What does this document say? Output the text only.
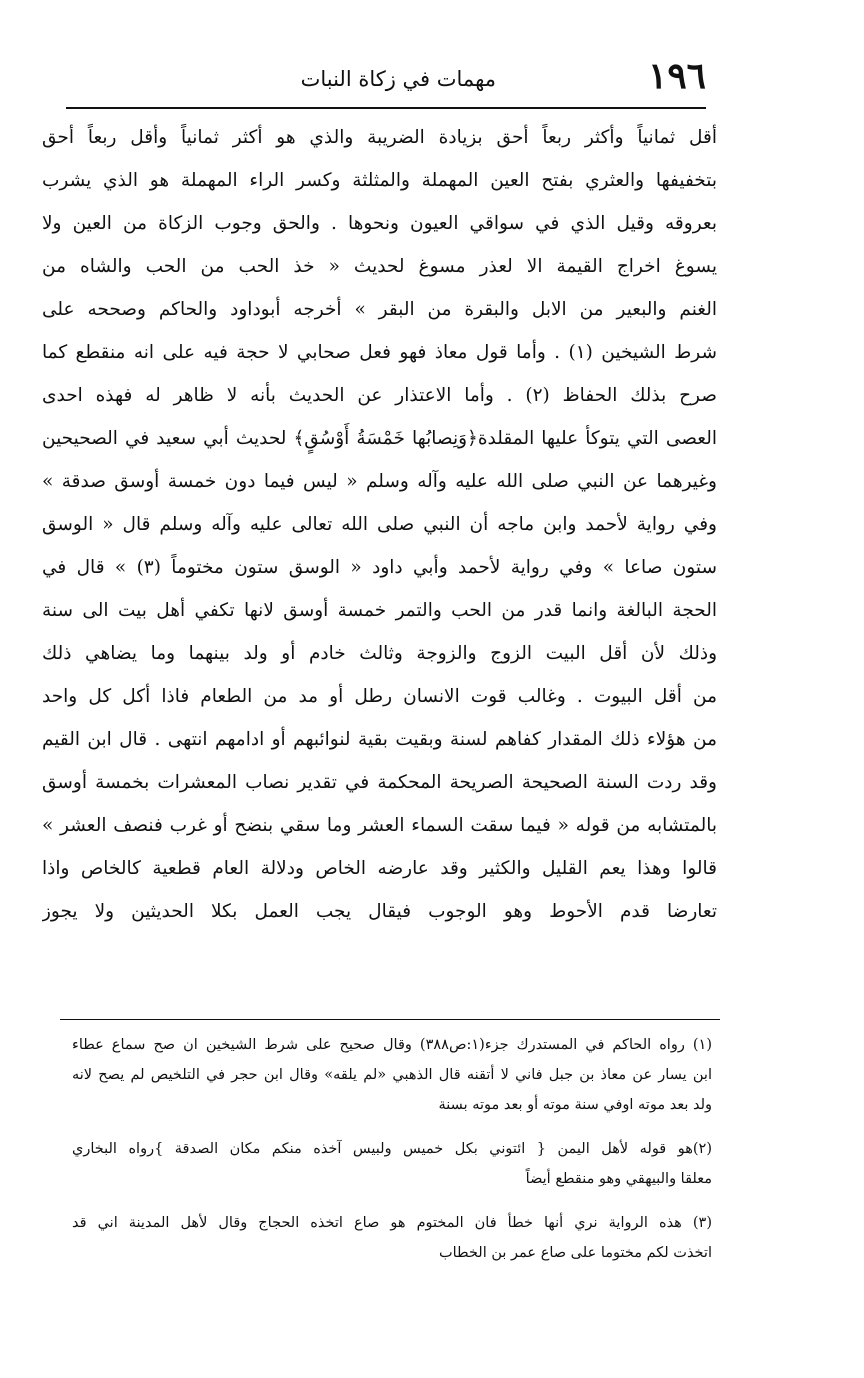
١٩٦
مهمات في زكاة النبات
أقل ثمانياً وأكثر ربعاً أحق بزيادة الضريبة والذي هو أكثر ثمانياً وأقل ربعاً أحق
بتخفيفها والعثري بفتح العين المهملة والمثلثة وكسر الراء المهملة هو الذي يشرب
بعروقه وقيل الذي في سواقي العيون ونحوها . والحق وجوب الزكاة من العين ولا
يسوغ اخراج القيمة الا لعذر مسوغ لحديث « خذ الحب من الحب والشاه من
الغنم والبعير من الابل والبقرة من البقر » أخرجه أبوداود والحاكم وصححه على
شرط الشيخين (١) . وأما قول معاذ فهو فعل صحابي لا حجة فيه على انه منقطع كما
صرح بذلك الحفاظ (٢) . وأما الاعتذار عن الحديث بأنه لا ظاهر له فهذه احدى
العصى التي يتوكأ عليها المقلدة﴿وَنِصابُها خَمْسَةُ أَوْسُقٍ﴾ لحديث أبي سعيد في الصحيحين
وغيرهما عن النبي صلى الله عليه وآله وسلم « ليس فيما دون خمسة أوسق صدقة »
وفي رواية لأحمد وابن ماجه أن النبي صلى الله تعالى عليه وآله وسلم قال « الوسق
ستون صاعا » وفي رواية لأحمد وأبي داود « الوسق ستون مختوماً (٣) » قال في
الحجة البالغة وانما قدر من الحب والتمر خمسة أوسق لانها تكفي أهل بيت الى سنة
وذلك لأن أقل البيت الزوج والزوجة وثالث خادم أو ولد بينهما وما يضاهي ذلك
من أقل البيوت . وغالب قوت الانسان رطل أو مد من الطعام فاذا أكل كل واحد
من هؤلاء ذلك المقدار كفاهم لسنة وبقيت بقية لنوائبهم أو ادامهم انتهى . قال ابن القيم
وقد ردت السنة الصحيحة الصريحة المحكمة في تقدير نصاب المعشرات بخمسة أوسق
بالمتشابه من قوله « فيما سقت السماء العشر وما سقي بنضح أو غرب فنصف العشر »
قالوا وهذا يعم القليل والكثير وقد عارضه الخاص ودلالة العام قطعية كالخاص واذا
تعارضا قدم الأحوط وهو الوجوب فيقال يجب العمل بكلا الحديثين ولا يجوز
(١) رواه الحاكم في المستدرك جزء(١:ص٣٨٨) وقال صحيح على شرط الشيخين ان صح سماع عطاء
ابن يسار عن معاذ بن جبل فاني لا أتقنه قال الذهبي «لم يلقه» وقال ابن حجر في التلخيص لم يصح لانه
ولد بعد موته اوفي سنة موته أو بعد موته بسنة
(٢)هو قوله لأهل اليمن { ائتوني بكل خميس ولبيس آخذه منكم مكان الصدقة }رواه البخاري
معلقا والبيهقي وهو منقطع أيضاً
(٣) هذه الرواية نري أنها خطأ فان المختوم هو صاع اتخذه الحجاج وقال لأهل المدينة اني قد
اتخذت لكم مختوما على صاع عمر بن الخطاب
